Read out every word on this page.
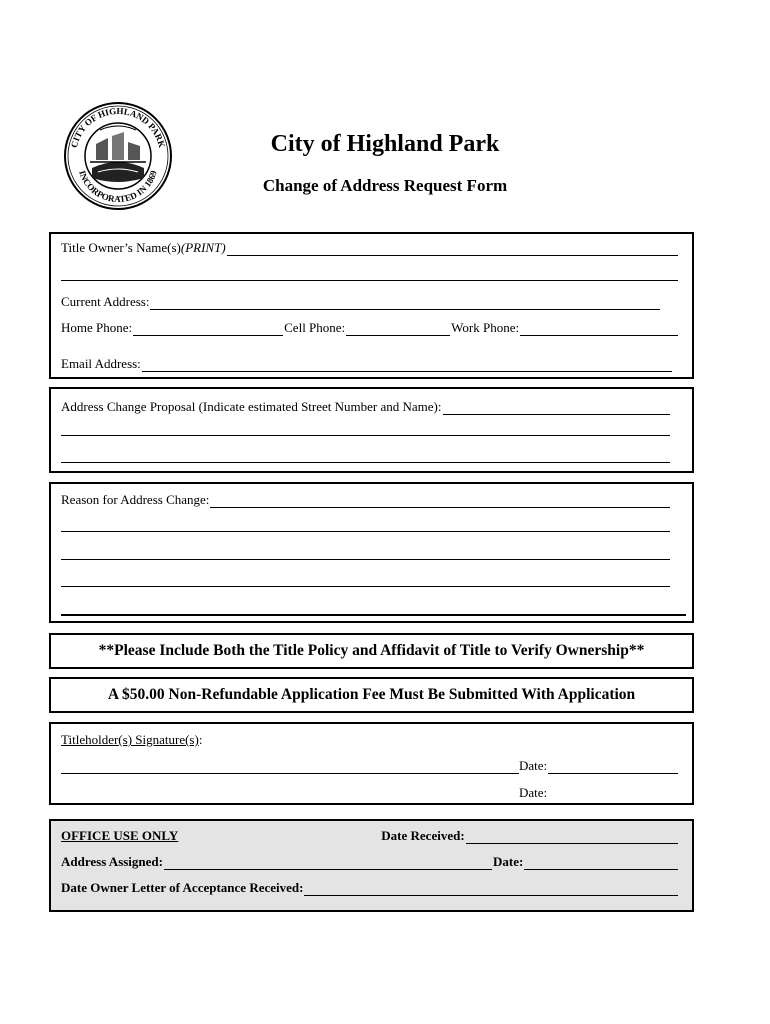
CITY OF HIGHLAND PARK
INCORPORATED IN 1869
City of Highland Park
Change of Address Request Form
Title Owner’s Name(s) (PRINT)
Current Address:
Home Phone:	Cell Phone:	Work Phone:
Email Address:
Address Change Proposal (Indicate estimated Street Number and Name):
Reason for Address Change:
**Please Include Both the Title Policy and Affidavit of Title to Verify Ownership**
A $50.00 Non-Refundable Application Fee Must Be Submitted With Application
Titleholder(s) Signature(s) :
Date:
Date:
OFFICE USE ONLY	Date Received:
Address Assigned:	Date:
Date Owner Letter of Acceptance Received:
